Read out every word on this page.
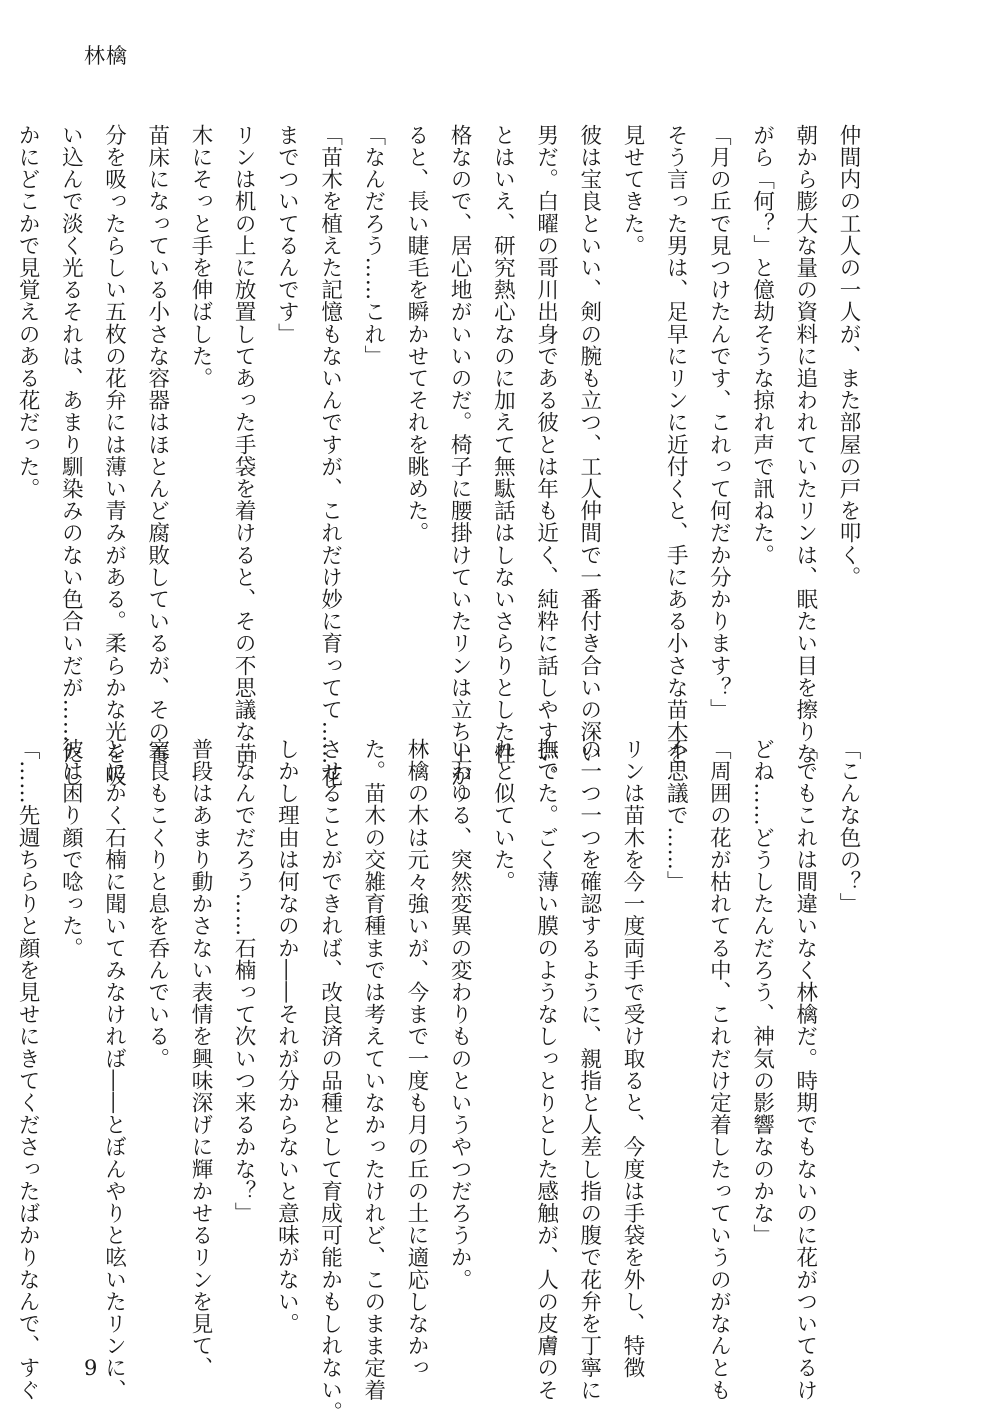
林檎
仲間内の工人の一人が、また部屋の戸を叩く。
朝から膨大な量の資料に追われていたリンは、眠たい目を擦りな
がら「何？」と億劫そうな掠れ声で訊ねた。
「月の丘で見つけたんです、これって何だか分かります？」
そう言った男は、足早にリンに近付くと、手にある小さな苗木を
見せてきた。
彼は宝良といい、剣の腕も立つ、工人仲間で一番付き合いの深い
男だ。白曜の哥川出身である彼とは年も近く、純粋に話しやすい。
とはいえ、研究熱心なのに加えて無駄話はしないさらりとした性
格なので、居心地がいいのだ。椅子に腰掛けていたリンは立ち上が
ると、長い睫毛を瞬かせてそれを眺めた。
「なんだろう……これ」
「苗木を植えた記憶もないんですが、これだけ妙に育ってて……花
までついてるんです」
リンは机の上に放置してあった手袋を着けると、その不思議な苗
木にそっと手を伸ばした。
苗床になっている小さな容器はほとんど腐敗しているが、その養
分を吸ったらしい五枚の花弁には薄い青みがある。柔らかな光を吸
い込んで淡く光るそれは、あまり馴染みのない色合いだが……たし
かにどこかで見覚えのある花だった。
「こんな色の？」
「でもこれは間違いなく林檎だ。時期でもないのに花がついてるけ
どね……どうしたんだろう、神気の影響なのかな」
「周囲の花が枯れてる中、これだけ定着したっていうのがなんとも
不思議で……」
リンは苗木を今一度両手で受け取ると、今度は手袋を外し、特徴
の一つ一つを確認するように、親指と人差し指の腹で花弁を丁寧に
撫でた。ごく薄い膜のようなしっとりとした感触が、人の皮膚のそ
れと似ていた。
いわゆる、突然変異の変わりものというやつだろうか。
林檎の木は元々強いが、今まで一度も月の丘の土に適応しなかっ
た。苗木の交雑育種までは考えていなかったけれど、このまま定着
させることができれば、改良済の品種として育成可能かもしれない。
しかし理由は何なのか――それが分からないと意味がない。
「なんでだろう……石楠って次いつ来るかな？」
普段はあまり動かさない表情を興味深げに輝かせるリンを見て、
宝良もこくりと息を呑んでいる。
とにかく石楠に聞いてみなければ――とぼんやりと呟いたリンに、
彼は困り顔で唸った。
「……先週ちらりと顔を見せにきてくださったばかりなんで、すぐ	9
